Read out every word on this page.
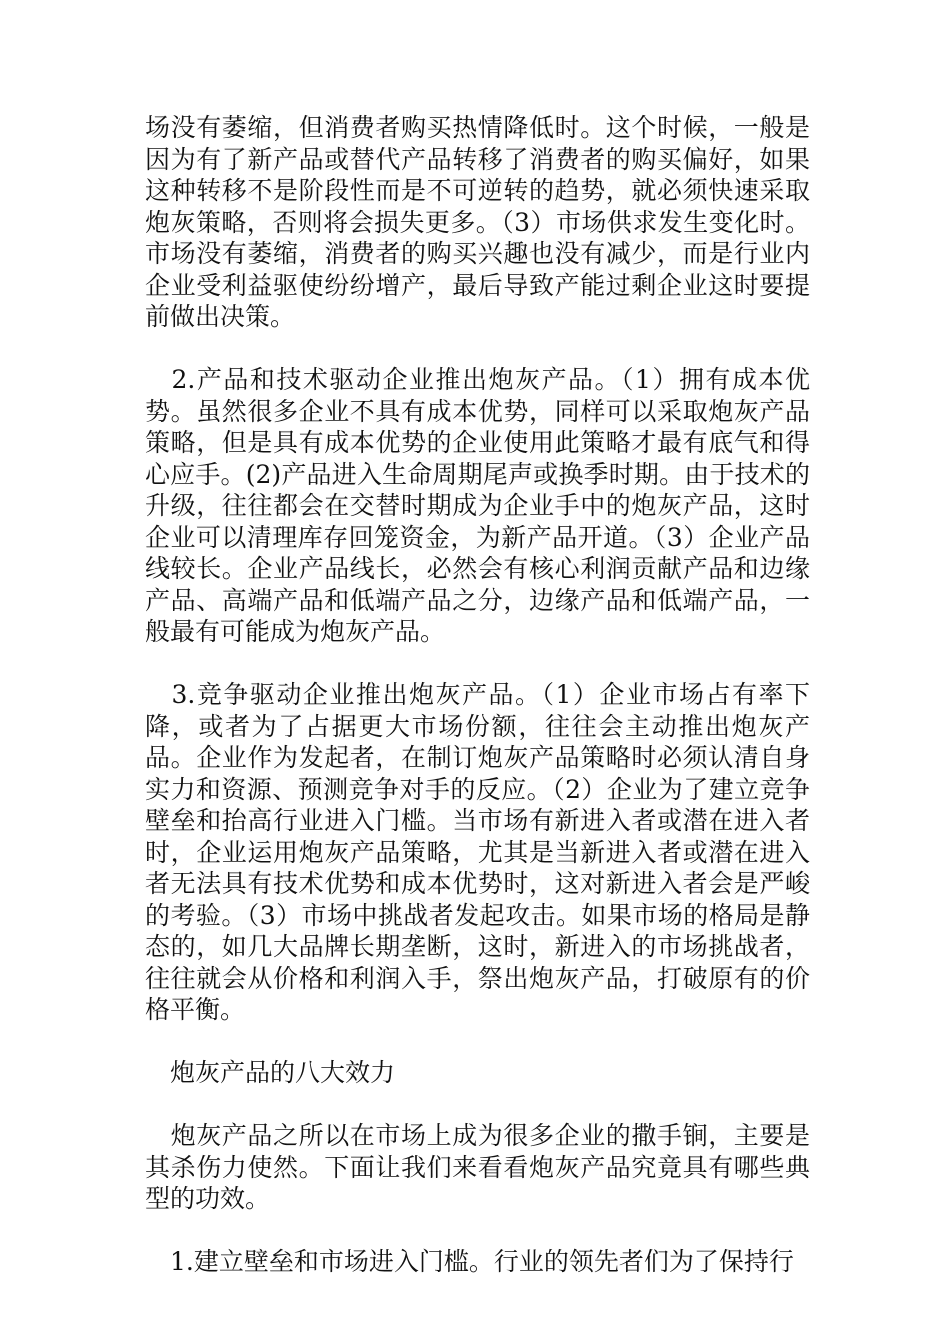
场没有萎缩，但消费者购买热情降低时。这个时候，一般是因为有了新产品或替代产品转移了消费者的购买偏好，如果这种转移不是阶段性而是不可逆转的趋势，就必须快速采取炮灰策略，否则将会损失更多。（3）市场供求发生变化时。市场没有萎缩，消费者的购买兴趣也没有减少，而是行业内企业受利益驱使纷纷增产，最后导致产能过剩企业这时要提前做出决策。

　2.产品和技术驱动企业推出炮灰产品。（1）拥有成本优势。虽然很多企业不具有成本优势，同样可以采取炮灰产品策略，但是具有成本优势的企业使用此策略才最有底气和得心应手。(2)产品进入生命周期尾声或换季时期。由于技术的升级，往往都会在交替时期成为企业手中的炮灰产品，这时企业可以清理库存回笼资金，为新产品开道。（3）企业产品线较长。企业产品线长，必然会有核心利润贡献产品和边缘产品、高端产品和低端产品之分，边缘产品和低端产品，一般最有可能成为炮灰产品。

　3.竞争驱动企业推出炮灰产品。（1）企业市场占有率下降，或者为了占据更大市场份额，往往会主动推出炮灰产品。企业作为发起者，在制订炮灰产品策略时必须认清自身实力和资源、预测竞争对手的反应。（2）企业为了建立竞争壁垒和抬高行业进入门槛。当市场有新进入者或潜在进入者时，企业运用炮灰产品策略，尤其是当新进入者或潜在进入者无法具有技术优势和成本优势时，这对新进入者会是严峻的考验。（3）市场中挑战者发起攻击。如果市场的格局是静态的，如几大品牌长期垄断，这时，新进入的市场挑战者，往往就会从价格和利润入手，祭出炮灰产品，打破原有的价格平衡。

　炮灰产品的八大效力

　炮灰产品之所以在市场上成为很多企业的撒手锏，主要是其杀伤力使然。下面让我们来看看炮灰产品究竟具有哪些典型的功效。

　1.建立壁垒和市场进入门槛。行业的领先者们为了保持行
